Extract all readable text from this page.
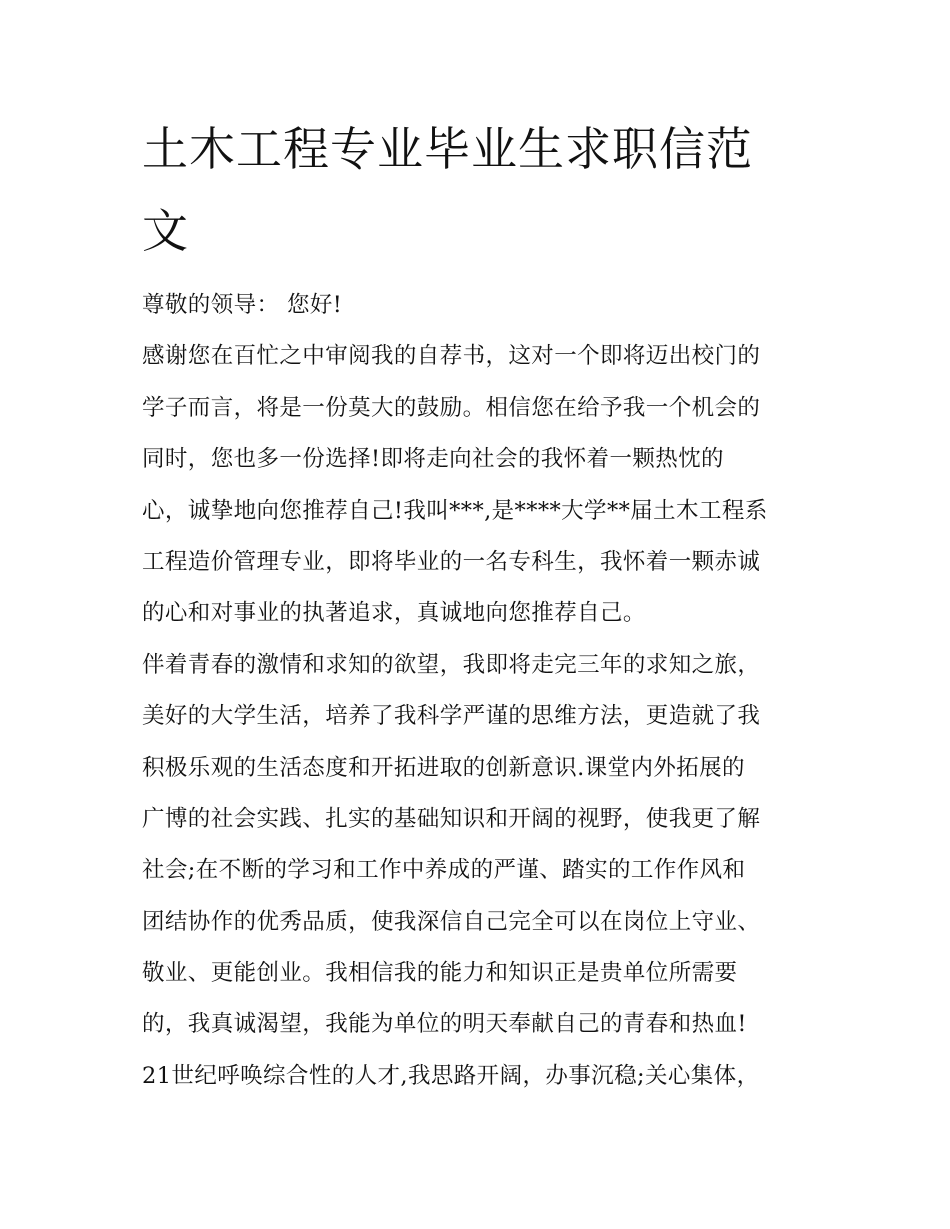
土木工程专业毕业生求职信范
文
尊敬的领导： 您好!
感谢您在百忙之中审阅我的自荐书，这对一个即将迈出校门的
学子而言，将是一份莫大的鼓励。相信您在给予我一个机会的
同时，您也多一份选择!即将走向社会的我怀着一颗热忱的
心，诚挚地向您推荐自己!我叫***,是****大学**届土木工程系
工程造价管理专业，即将毕业的一名专科生，我怀着一颗赤诚
的心和对事业的执著追求，真诚地向您推荐自己。
伴着青春的激情和求知的欲望，我即将走完三年的求知之旅，
美好的大学生活，培养了我科学严谨的思维方法，更造就了我
积极乐观的生活态度和开拓进取的创新意识.课堂内外拓展的
广博的社会实践、扎实的基础知识和开阔的视野，使我更了解
社会;在不断的学习和工作中养成的严谨、踏实的工作作风和
团结协作的优秀品质，使我深信自己完全可以在岗位上守业、
敬业、更能创业。我相信我的能力和知识正是贵单位所需要
的，我真诚渴望，我能为单位的明天奉献自己的青春和热血!
21世纪呼唤综合性的人才,我思路开阔，办事沉稳;关心集体，
